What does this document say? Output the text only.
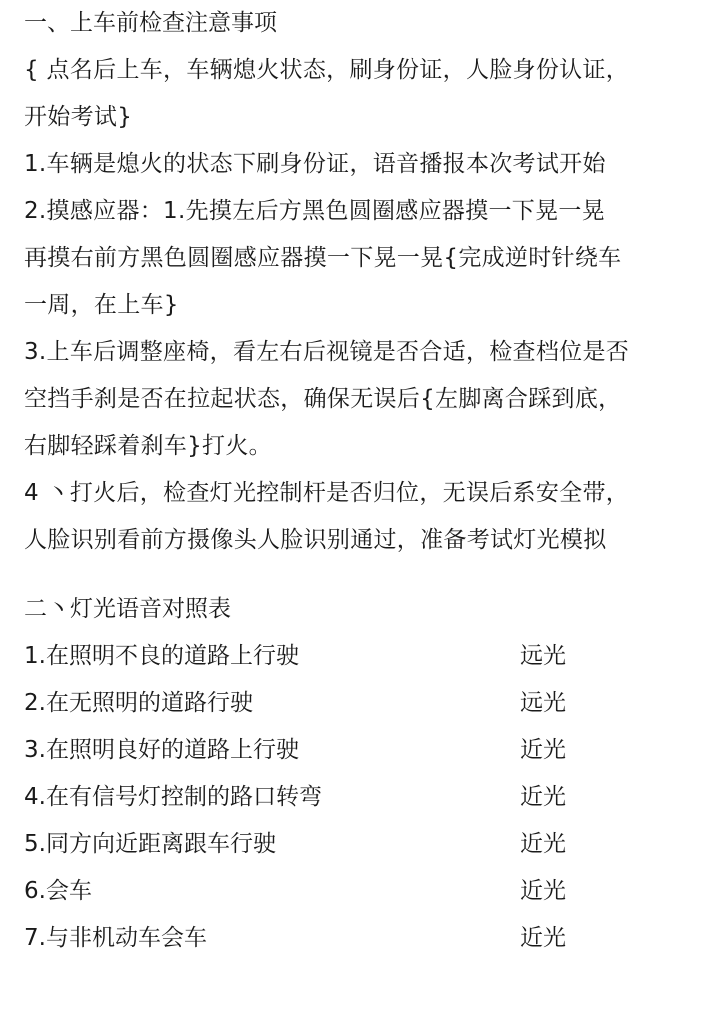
一、上车前检查注意事项
{ 点名后上车，车辆熄火状态，刷身份证，人脸身份认证，
开始考试}
1.车辆是熄火的状态下刷身份证，语音播报本次考试开始
2.摸感应器：1.先摸左后方黑色圆圈感应器摸一下晃一晃
再摸右前方黑色圆圈感应器摸一下晃一晃{完成逆时针绕车
一周，在上车}
3.上车后调整座椅，看左右后视镜是否合适，检查档位是否
空挡手刹是否在拉起状态，确保无误后{左脚离合踩到底，
右脚轻踩着刹车}打火。
4 丶打火后，检查灯光控制杆是否归位，无误后系安全带，
人脸识别看前方摄像头人脸识别通过，准备考试灯光模拟
二丶灯光语音对照表
1.在照明不良的道路上行驶	远光
2.在无照明的道路行驶	远光
3.在照明良好的道路上行驶	近光
4.在有信号灯控制的路口转弯	近光
5.同方向近距离跟车行驶	近光
6.会车	近光
7.与非机动车会车	近光
